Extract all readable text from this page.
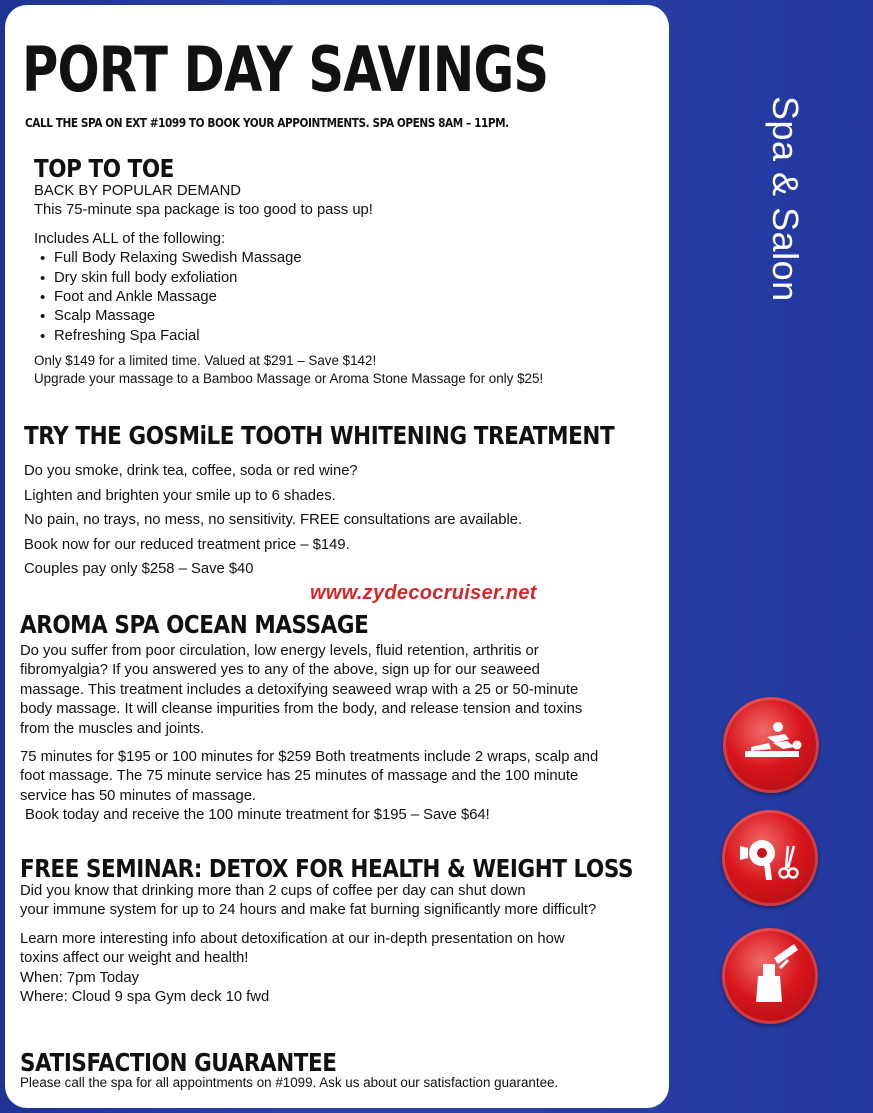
PORT DAY SAVINGS
CALL THE SPA ON EXT #1099 TO BOOK YOUR APPOINTMENTS. SPA OPENS 8AM – 11PM.
TOP TO TOE
BACK BY POPULAR DEMAND
This 75-minute spa package is too good to pass up!
Includes ALL of the following:
• Full Body Relaxing Swedish Massage
• Dry skin full body exfoliation
• Foot and Ankle Massage
• Scalp Massage
• Refreshing Spa Facial
Only $149 for a limited time. Valued at $291 – Save $142!
Upgrade your massage to a Bamboo Massage or Aroma Stone Massage for only $25!
TRY THE GOSMiLE TOOTH WHITENING TREATMENT
Do you smoke, drink tea, coffee, soda or red wine?
Lighten and brighten your smile up to 6 shades.
No pain, no trays, no mess, no sensitivity. FREE consultations are available.
Book now for our reduced treatment price – $149.
Couples pay only $258 – Save $40
www.zydecocruiser.net
AROMA SPA OCEAN MASSAGE
Do you suffer from poor circulation, low energy levels, fluid retention, arthritis or
fibromyalgia? If you answered yes to any of the above, sign up for our seaweed
massage. This treatment includes a detoxifying seaweed wrap with a 25 or 50-minute
body massage. It will cleanse impurities from the body, and release tension and toxins
from the muscles and joints.
75 minutes for $195 or 100 minutes for $259 Both treatments include 2 wraps, scalp and
foot massage. The 75 minute service has 25 minutes of massage and the 100 minute
service has 50 minutes of massage.
Book today and receive the 100 minute treatment for $195 – Save $64!
FREE SEMINAR: DETOX FOR HEALTH & WEIGHT LOSS
Did you know that drinking more than 2 cups of coffee per day can shut down
your immune system for up to 24 hours and make fat burning significantly more difficult?
Learn more interesting info about detoxification at our in-depth presentation on how
toxins affect our weight and health!
When: 7pm Today
Where: Cloud 9 spa Gym deck 10 fwd
SATISFACTION GUARANTEE
Please call the spa for all appointments on #1099. Ask us about our satisfaction guarantee.
Spa & Salon
